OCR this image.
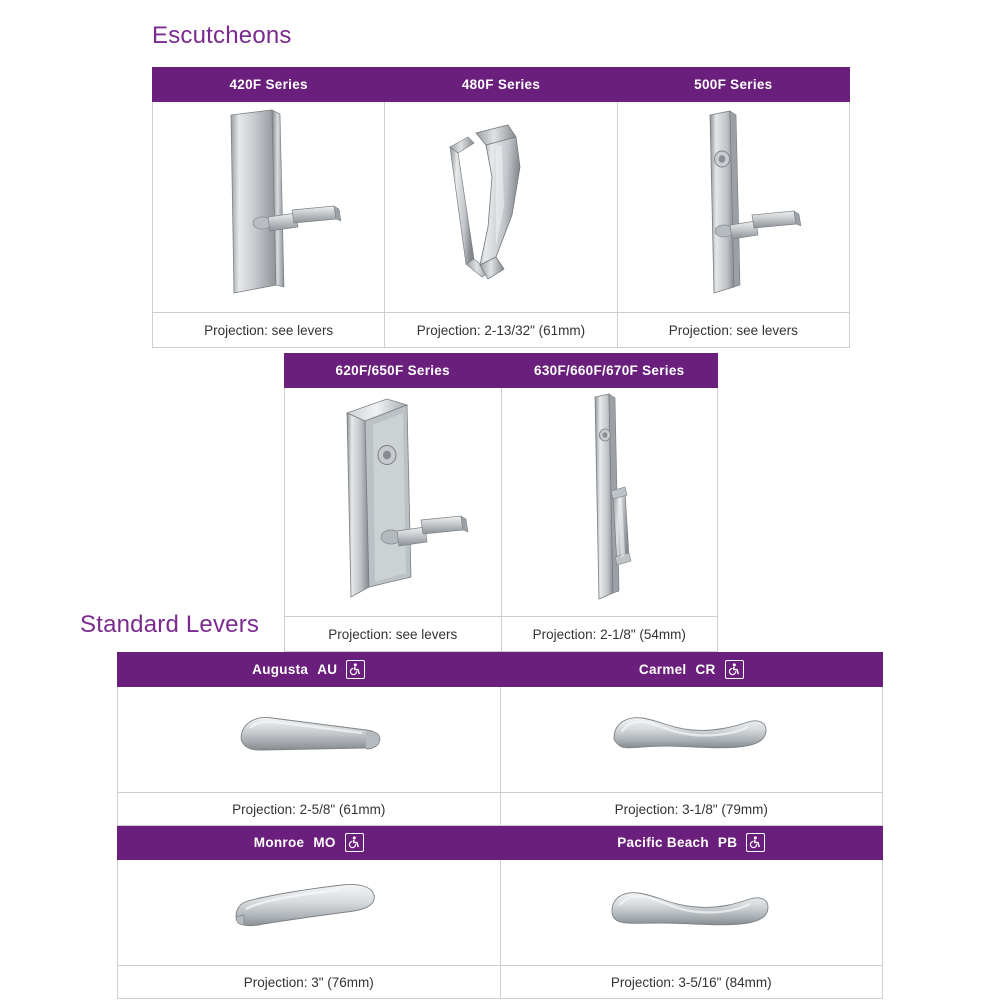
Escutcheons
420F Series	480F Series	500F Series

Projection: see levers	Projection: 2-13/32" (61mm)	Projection: see levers
620F/650F Series	630F/660F/670F Series

Projection: see levers	Projection: 2-1/8" (54mm)
Standard Levers
Augusta AU	Carmel CR

Projection: 2-5/8" (61mm)	Projection: 3-1/8" (79mm)

Monroe MO	Pacific Beach PB

Projection: 3" (76mm)	Projection: 3-5/16" (84mm)
